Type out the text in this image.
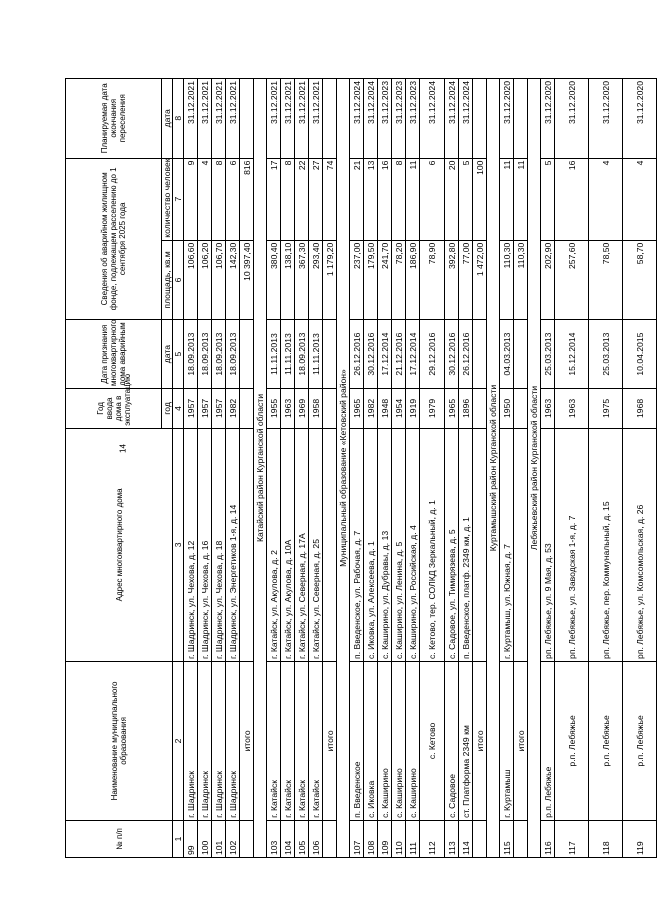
14
№ п/п	Наименование муниципального образования	Адрес многоквартирного дома	Год ввода дома в эксплуатацию	Дата признания многоквартирного дома аварийным	Сведения об аварийном жилищном фонде, подлежащем расселению до 1 сентября 2025 года		Планируемая дата окончания переселения
			год	дата	площадь, кв.м	количество человек	дата
1	2	3	4	5	6	7	8
99	г. Шадринск	г. Шадринск, ул. Чехова, д. 12	1957	18.09.2013	106,60	9	31.12.2021
100	г. Шадринск	г. Шадринск, ул. Чехова, д. 16	1957	18.09.2013	106,20	4	31.12.2021
101	г. Шадринск	г. Шадринск, ул. Чехова, д. 18	1957	18.09.2013	106,70	8	31.12.2021
102	г. Шадринск	г. Шадринск, ул. Энергетиков 1-я, д. 14	1982	18.09.2013	142,30	6	31.12.2021
	итого				10 397,40	816	
Катайский район Курганской области							
103	г. Катайск	г. Катайск, ул. Акулова, д. 2	1955	11.11.2013	380,40	17	31.12.2021
104	г. Катайск	г. Катайск, ул. Акулова, д. 10А	1963	11.11.2013	138,10	8	31.12.2021
105	г. Катайск	г. Катайск, ул. Северная, д. 17А	1969	18.09.2013	367,30	22	31.12.2021
106	г. Катайск	г. Катайск, ул. Северная, д. 25	1958	11.11.2013	293,40	27	31.12.2021
	итого				1 179,20	74	
Муниципальный образование «Кетовский район»							
107	п. Введенское	п. Введенское, ул. Рабочая, д. 7	1965	26.12.2016	237,00	21	31.12.2024
108	с. Иковка	с. Иковка, ул. Алексеева, д. 1	1982	30.12.2016	179,50	13	31.12.2024
109	с. Каширино	с. Каширино, ул. Дубравы, д. 13	1948	17.12.2014	241,70	16	31.12.2023
110	с. Каширино	с. Каширино, ул. Ленина, д. 5	1954	21.12.2016	78,20	8	31.12.2023
111	с. Каширино	с. Каширино, ул. Российская, д. 4	1919	17.12.2014	186,90	11	31.12.2023
112	с. Кетово	с. Кетово, тер. СОЛКД Зеркальный, д. 1	1979	29.12.2016	78,90	6	31.12.2024
113	с. Садовое	с. Садовое, ул. Тимирязева, д. 5	1965	30.12.2016	392,80	20	31.12.2024
114	ст. Платформа 2349 км	п. Введенское, платф. 2349 км, д. 1	1896	26.12.2016	77,00	5	31.12.2024
	итого				1 472,00	100	
Куртамышский район Курганской области							
115	г. Куртамыш	г. Куртамыш, ул. Южная, д. 7	1950	04.03.2013	110,30	11	31.12.2020
	итого				110,30	11	
Лебяжьевский район Курганской области							
116	р.п. Лебяжье	рп. Лебяжье, ул. 9 Мая, д. 53	1963	25.03.2013	202,90	5	31.12.2020
117	р.п. Лебяжье	рп. Лебяжье, ул. Заводская 1-я, д. 7	1963	15.12.2014	257,60	16	31.12.2020
118	р.п. Лебяжье	рп. Лебяжье, пер. Коммунальный, д. 15	1975	25.03.2013	78,50	4	31.12.2020
119	р.п. Лебяжье	рп. Лебяжье, ул. Комсомольская, д. 26	1968	10.04.2015	58,70	4	31.12.2020
